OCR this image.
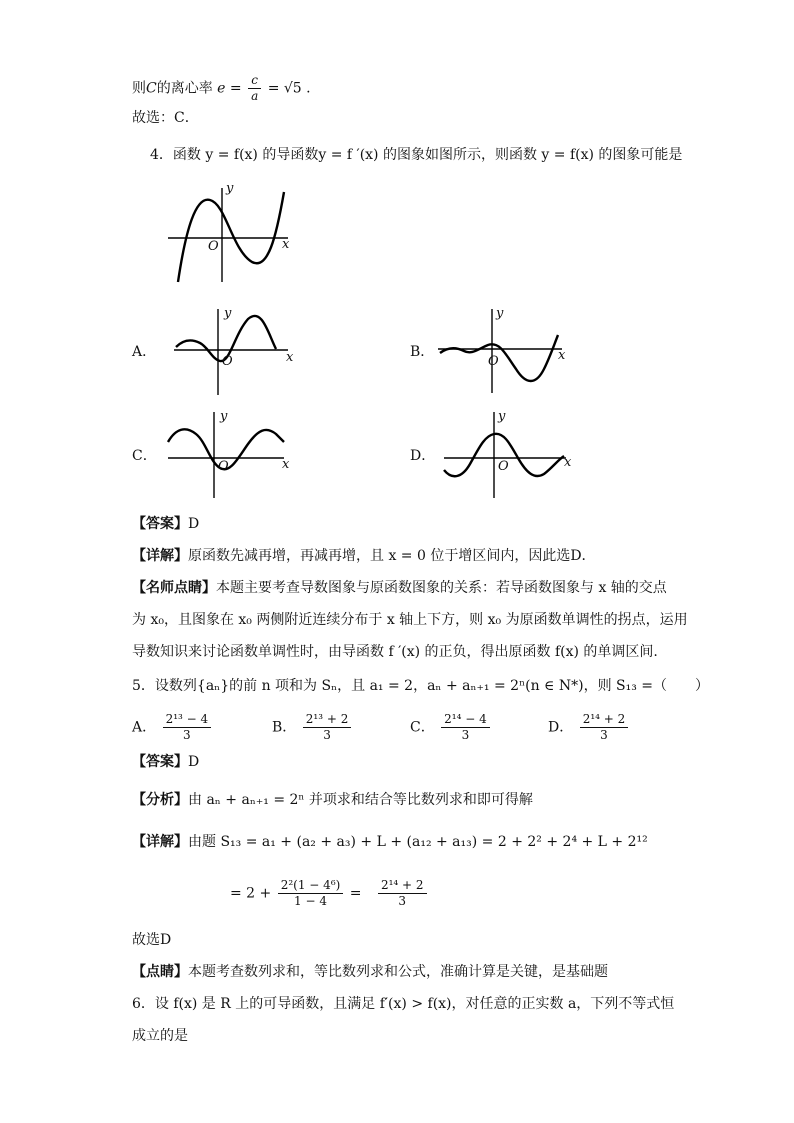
则C的离心率 $e = \frac{c}{a} = √5$ .
故选：C．
4．函数 y = f(x) 的导函数y = f ′(x) 的图象如图所示，则函数 y = f(x) 的图象可能是
y
O	x
A．
y
O	x	B．
y
O	x
C．
y
O	x
D．
y
O	x
【答案】D
【详解】原函数先减再增，再减再增，且 x = 0 位于增区间内，因此选D．
【名师点睛】本题主要考查导数图象与原函数图象的关系：若导函数图象与 x 轴的交点
为 x₀，且图象在 x₀ 两侧附近连续分布于 x 轴上下方，则 x₀ 为原函数单调性的拐点，运用
导数知识来讨论函数单调性时，由导函数 f ′(x) 的正负，得出原函数 f(x) 的单调区间.
5．设数列{aₙ}的前 n 项和为 Sₙ，且 a₁ = 2，aₙ + aₙ₊₁ = 2ⁿ(n ∈ N*)，则 S₁₃ =（　　）
A． $\frac{\text{2¹³ − 4}}{3}$	B． $\frac{\text{2¹³ + 2}}{3}$	C． $\frac{\text{2¹⁴ − 4}}{3}$	D． $\frac{\text{2¹⁴ + 2}}{3}$
【答案】D
【分析】由 aₙ + aₙ₊₁ = 2ⁿ 并项求和结合等比数列求和即可得解
【详解】由题 S₁₃ = a₁ + (a₂ + a₃) + L + (a₁₂ + a₁₃) = 2 + 2² + 2⁴ + L + 2¹²
= $2 + \frac{\text{2²(1 − 4⁶)}}{1 - 4} = \frac{\text{2¹⁴ + 2}}{3}$
故选D
【点睛】本题考查数列求和，等比数列求和公式，准确计算是关键，是基础题
6．设 f(x) 是 R 上的可导函数，且满足 f′(x) > f(x)，对任意的正实数 a，下列不等式恒
成立的是
